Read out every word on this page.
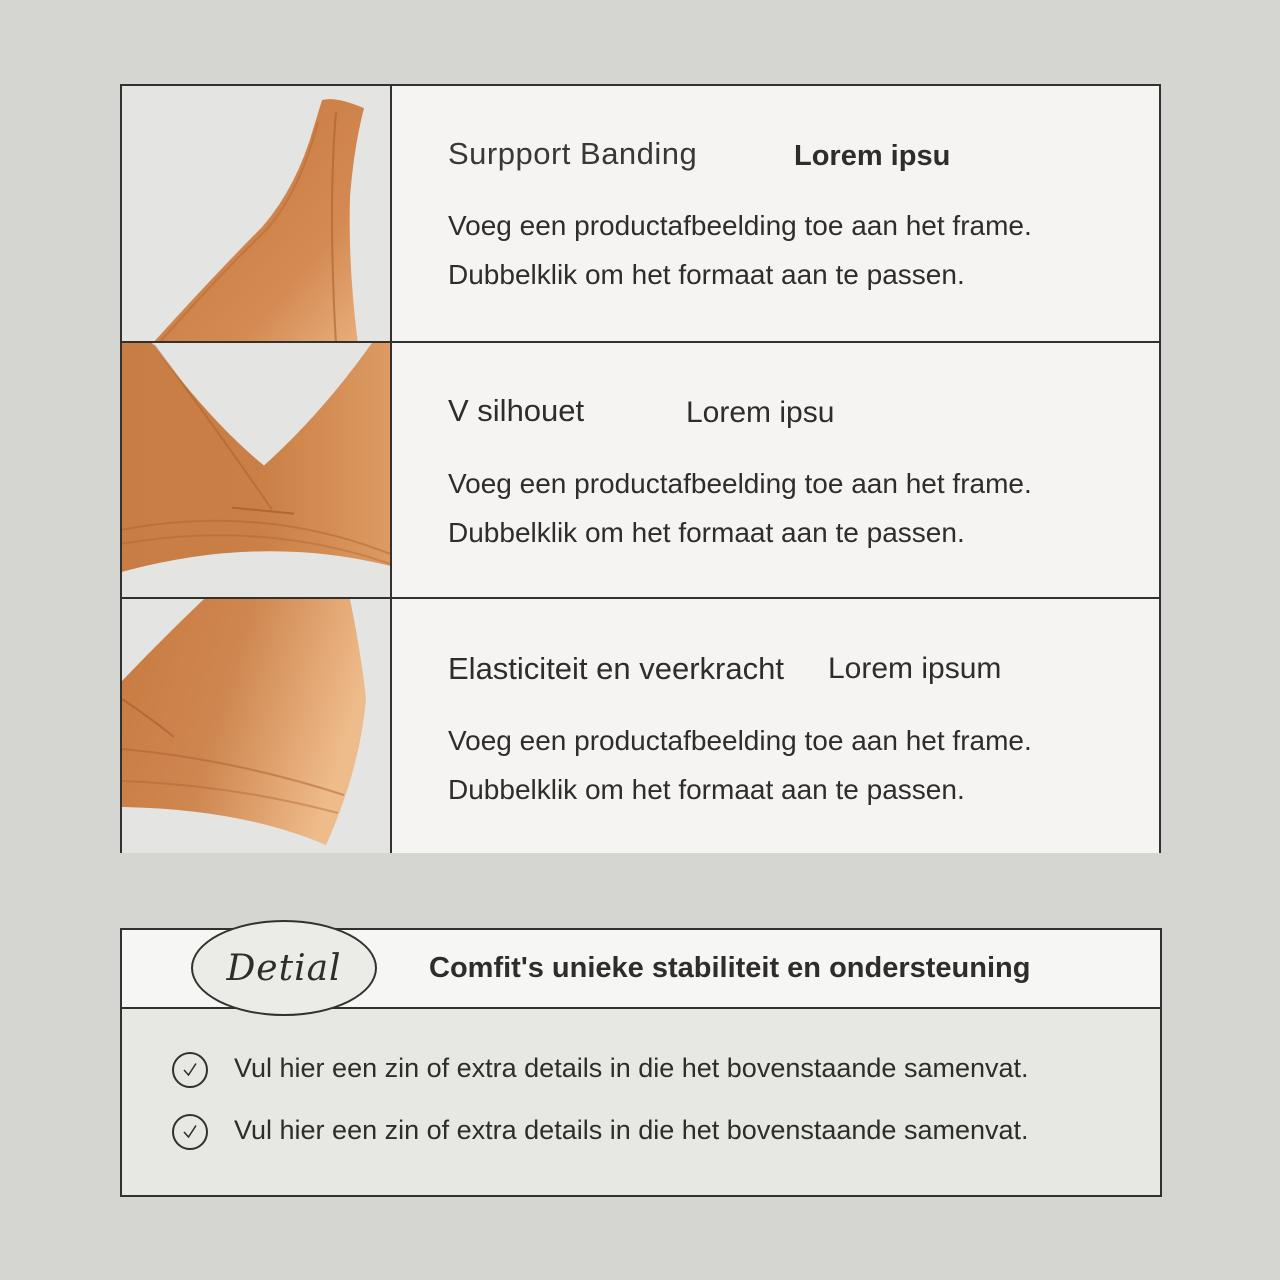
Surpport Banding	Lorem ipsu
Voeg een productafbeelding toe aan het frame.
Dubbelklik om het formaat aan te passen.
V silhouet	Lorem ipsu
Voeg een productafbeelding toe aan het frame.
Dubbelklik om het formaat aan te passen.
Elasticiteit en veerkracht Lorem ipsum
Voeg een productafbeelding toe aan het frame.
Dubbelklik om het formaat aan te passen.
Detial	Comfit's unieke stabiliteit en ondersteuning
Vul hier een zin of extra details in die het bovenstaande samenvat.
Vul hier een zin of extra details in die het bovenstaande samenvat.
